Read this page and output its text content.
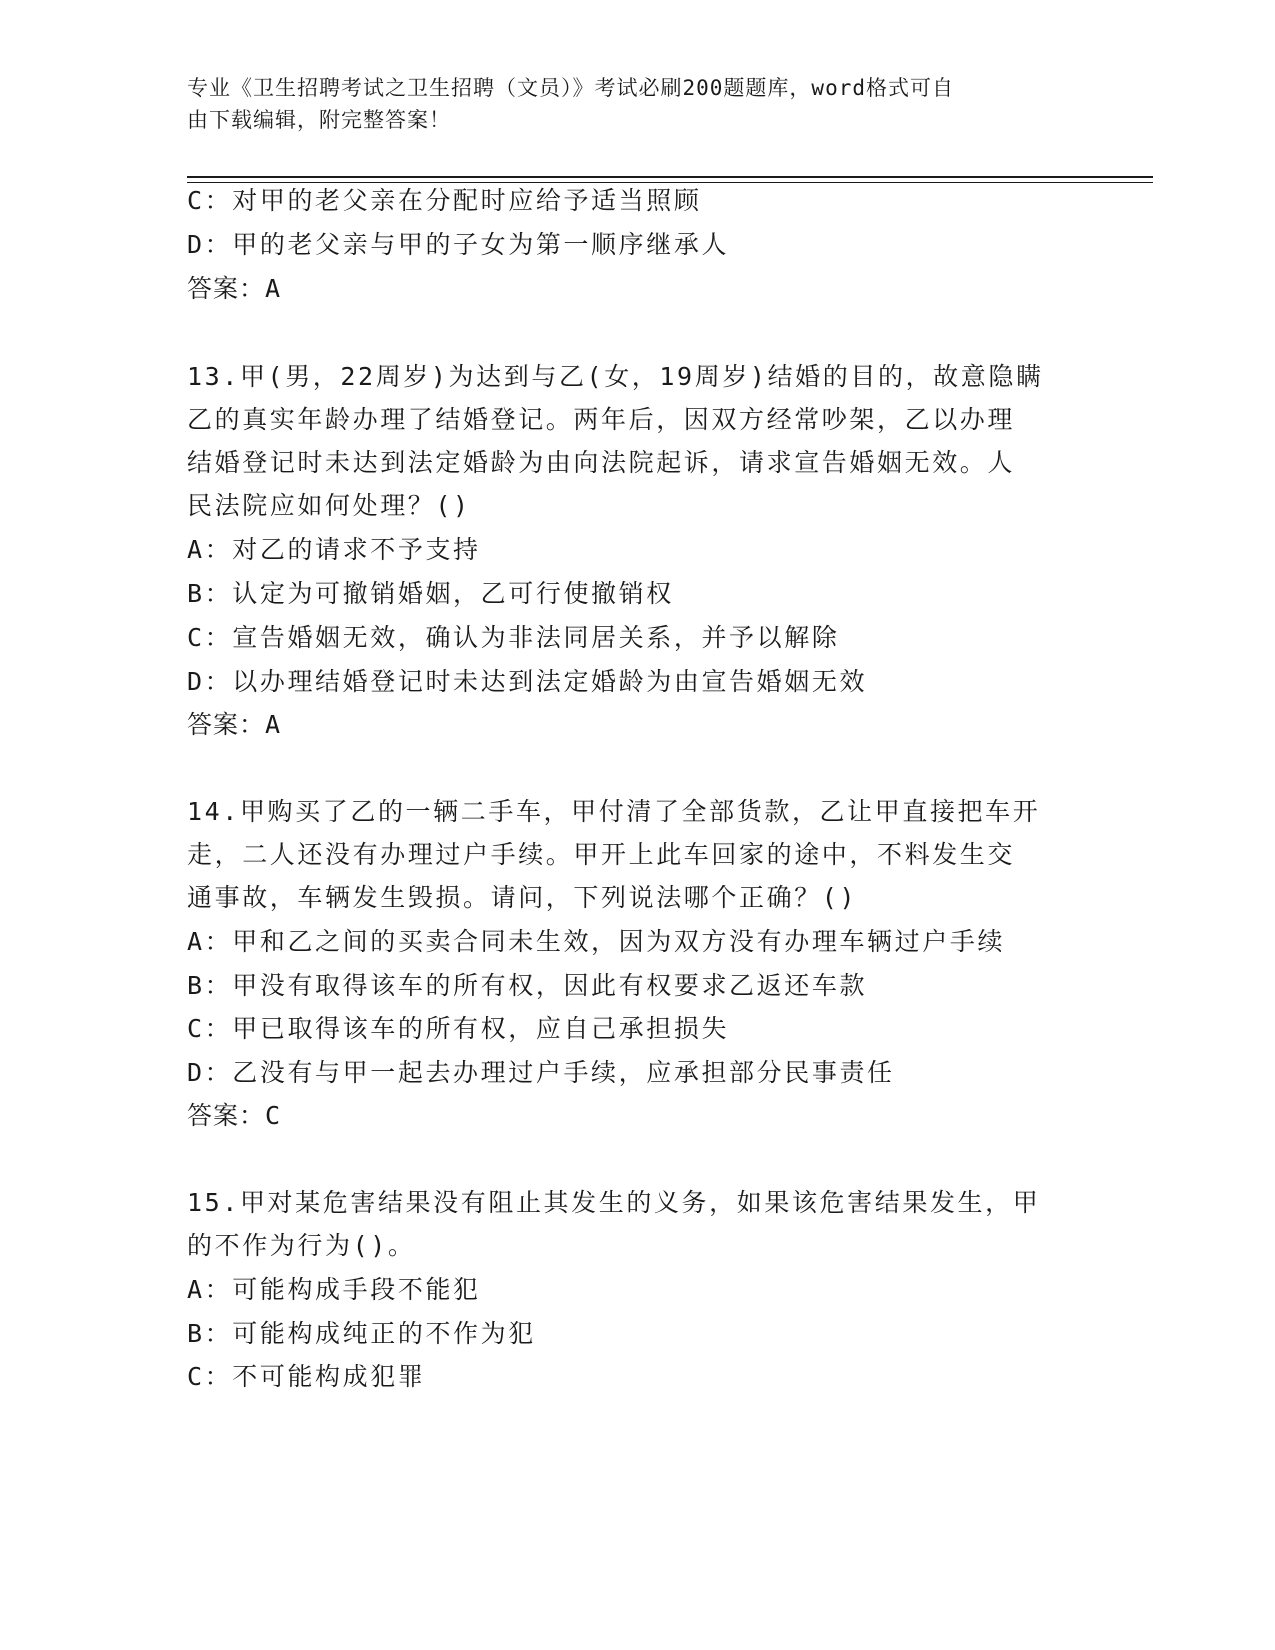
专业《卫生招聘考试之卫生招聘（文员）》考试必刷200题题库，word格式可自
由下载编辑，附完整答案！
C：对甲的老父亲在分配时应给予适当照顾
D：甲的老父亲与甲的子女为第一顺序继承人
答案：A
13.甲(男，22周岁)为达到与乙(女，19周岁)结婚的目的，故意隐瞒
乙的真实年龄办理了结婚登记。两年后，因双方经常吵架，乙以办理
结婚登记时未达到法定婚龄为由向法院起诉，请求宣告婚姻无效。人
民法院应如何处理？()
A：对乙的请求不予支持
B：认定为可撤销婚姻，乙可行使撤销权
C：宣告婚姻无效，确认为非法同居关系，并予以解除
D：以办理结婚登记时未达到法定婚龄为由宣告婚姻无效
答案：A
14.甲购买了乙的一辆二手车，甲付清了全部货款，乙让甲直接把车开
走，二人还没有办理过户手续。甲开上此车回家的途中，不料发生交
通事故，车辆发生毁损。请问，下列说法哪个正确？()
A：甲和乙之间的买卖合同未生效，因为双方没有办理车辆过户手续
B：甲没有取得该车的所有权，因此有权要求乙返还车款
C：甲已取得该车的所有权，应自己承担损失
D：乙没有与甲一起去办理过户手续，应承担部分民事责任
答案：C
15.甲对某危害结果没有阻止其发生的义务，如果该危害结果发生，甲
的不作为行为()。
A：可能构成手段不能犯
B：可能构成纯正的不作为犯
C：不可能构成犯罪
